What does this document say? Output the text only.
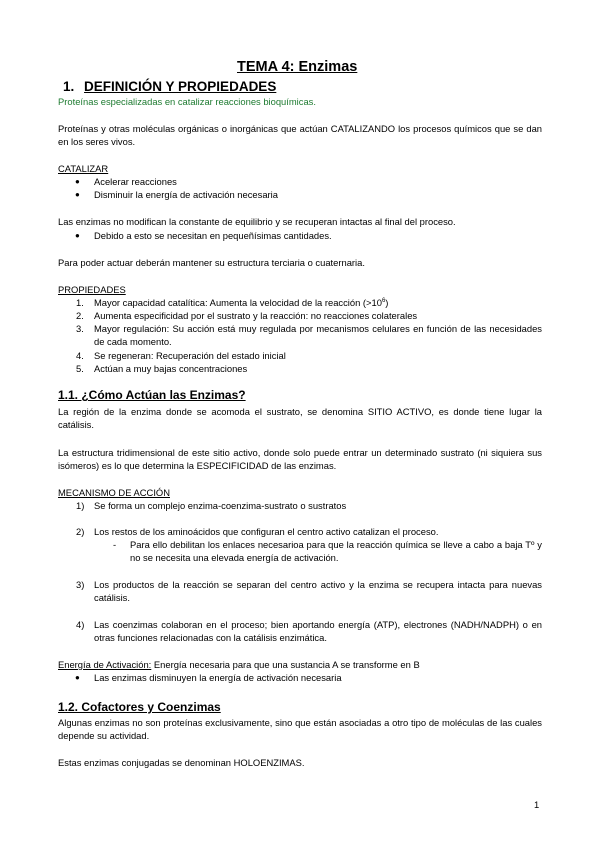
TEMA 4: Enzimas
1. DEFINICIÓN Y PROPIEDADES
Proteínas especializadas en catalizar reacciones bioquímicas.
Proteínas y otras moléculas orgánicas o inorgánicas que actúan CATALIZANDO los procesos químicos que se dan en los seres vivos.
CATALIZAR
● Acelerar reacciones
● Disminuir la energía de activación necesaria
Las enzimas no modifican la constante de equilibrio y se recuperan intactas al final del proceso.
● Debido a esto se necesitan en pequeñísimas cantidades.
Para poder actuar deberán mantener su estructura terciaria o cuaternaria.
PROPIEDADES
1. Mayor capacidad catalítica: Aumenta la velocidad de la reacción $(>10^6)$
2. Aumenta especificidad por el sustrato y la reacción: no reacciones colaterales
3. Mayor regulación: Su acción está muy regulada por mecanismos celulares en función de las necesidades de cada momento.
4. Se regeneran: Recuperación del estado inicial
5. Actúan a muy bajas concentraciones
1.1. ¿Cómo Actúan las Enzimas?
La región de la enzima donde se acomoda el sustrato, se denomina SITIO ACTIVO, es donde tiene lugar la catálisis.
La estructura tridimensional de este sitio activo, donde solo puede entrar un determinado sustrato (ni siquiera sus isómeros) es lo que determina la ESPECIFICIDAD de las enzimas.
MECANISMO DE ACCIÓN
1) Se forma un complejo enzima-coenzima-sustrato o sustratos
2) Los restos de los aminoácidos que configuran el centro activo catalizan el proceso.
- Para ello debilitan los enlaces necesarioa para que la reacción química se lleve a cabo a baja Tº y no se necesita una elevada energía de activación.
3) Los productos de la reacción se separan del centro activo y la enzima se recupera intacta para nuevas catálisis.
4) Las coenzimas colaboran en el proceso; bien aportando energía (ATP), electrones (NADH/NADPH) o en otras funciones relacionadas con la catálisis enzimática.
Energía de Activación: Energía necesaria para que una sustancia A se transforme en B
● Las enzimas disminuyen la energía de activación necesaria
1.2. Cofactores y Coenzimas
Algunas enzimas no son proteínas exclusivamente, sino que están asociadas a otro tipo de moléculas de las cuales depende su actividad.
Estas enzimas conjugadas se denominan HOLOENZIMAS.
1
